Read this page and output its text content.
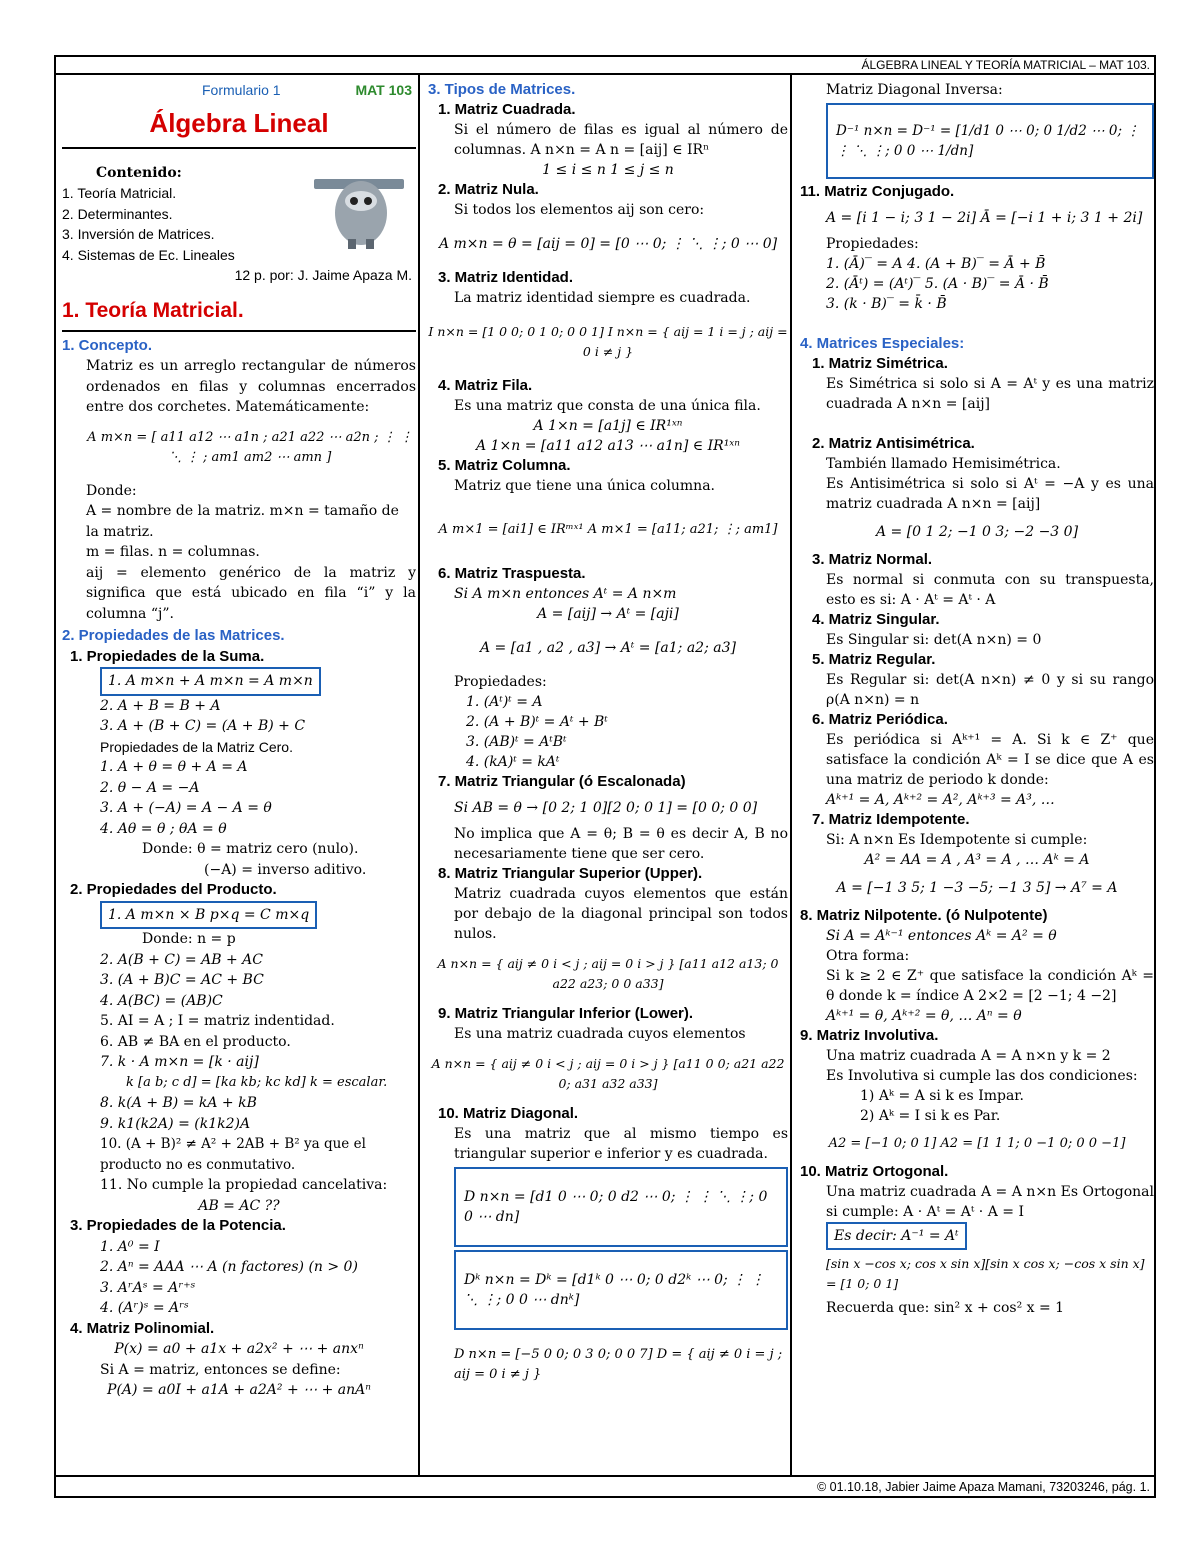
ÁLGEBRA LINEAL Y TEORÍA MATRICIAL – MAT 103.
Formulario 1	MAT 103
Álgebra Lineal
Contenido:
1. Teoría Matricial.
2. Determinantes.
3. Inversión de Matrices.
4. Sistemas de Ec. Lineales
12 p. por: J. Jaime Apaza M.
1. Teoría Matricial.
1. Concepto.
Matriz es un arreglo rectangular de números ordenados en filas y columnas encerrados entre dos corchetes. Matemáticamente:
A m×n = [ a11 a12 ⋯ a1n ; a21 a22 ⋯ a2n ; ⋮ ⋮ ⋱ ⋮ ; am1 am2 ⋯ amn ]
Donde:
A = nombre de la matriz. m×n = tamaño de la matriz.
m = filas. n = columnas.
aij = elemento genérico de la matriz y significa que está ubicado en fila “i” y la columna “j”.
2. Propiedades de las Matrices.
1. Propiedades de la Suma.
1. A m×n + A m×n = A m×n
2. A + B = B + A
3. A + (B + C) = (A + B) + C
Propiedades de la Matriz Cero.
1. A + θ = θ + A = A
2. θ − A = −A
3. A + (−A) = A − A = θ
4. Aθ = θ ; θA = θ
Donde: θ = matriz cero (nulo).
(−A) = inverso aditivo.
2. Propiedades del Producto.
1. A m×n × B p×q = C m×q
Donde: n = p
2. A(B + C) = AB + AC
3. (A + B)C = AC + BC
4. A(BC) = (AB)C
5. AI = A ; I = matriz indentidad.
6. AB ≠ BA en el producto.
7. k · A m×n = [k · aij]
k [a b; c d] = [ka kb; kc kd] k = escalar.
8. k(A + B) = kA + kB
9. k1(k2A) = (k1k2)A
10. (A + B)² ≠ A² + 2AB + B² ya que el producto no es conmutativo.
11. No cumple la propiedad cancelativa:
AB = AC ??
3. Propiedades de la Potencia.
1. A⁰ = I
2. Aⁿ = AAA ⋯ A (n factores) (n > 0)
3. AʳAˢ = Aʳ⁺ˢ
4. (Aʳ)ˢ = Aʳˢ
4. Matriz Polinomial.
P(x) = a0 + a1x + a2x² + ⋯ + anxⁿ
Si A = matriz, entonces se define:
P(A) = a0I + a1A + a2A² + ⋯ + anAⁿ
3. Tipos de Matrices.
1. Matriz Cuadrada.
Si el número de filas es igual al número de columnas. A n×n = A n = [aij] ∈ IRⁿ
1 ≤ i ≤ n 1 ≤ j ≤ n
2. Matriz Nula.
Si todos los elementos aij son cero:
A m×n = θ = [aij = 0] = [0 ⋯ 0; ⋮ ⋱ ⋮; 0 ⋯ 0]
3. Matriz Identidad.
La matriz identidad siempre es cuadrada.
I n×n = [1 0 0; 0 1 0; 0 0 1] I n×n = { aij = 1 i = j ; aij = 0 i ≠ j }
4. Matriz Fila.
Es una matriz que consta de una única fila.
A 1×n = [a1j] ∈ IR¹ˣⁿ
A 1×n = [a11 a12 a13 ⋯ a1n] ∈ IR¹ˣⁿ
5. Matriz Columna.
Matriz que tiene una única columna.
A m×1 = [ai1] ∈ IRᵐˣ¹ A m×1 = [a11; a21; ⋮; am1]
6. Matriz Traspuesta.
Si A m×n entonces Aᵗ = A n×m
A = [aij] → Aᵗ = [aji]
A = [a1 , a2 , a3] → Aᵗ = [a1; a2; a3]
Propiedades:
1. (Aᵗ)ᵗ = A
2. (A + B)ᵗ = Aᵗ + Bᵗ
3. (AB)ᵗ = AᵗBᵗ
4. (kA)ᵗ = kAᵗ
7. Matriz Triangular (ó Escalonada)
Si AB = θ → [0 2; 1 0][2 0; 0 1] = [0 0; 0 0]
No implica que A = θ; B = θ es decir A, B no necesariamente tiene que ser cero.
8. Matriz Triangular Superior (Upper).
Matriz cuadrada cuyos elementos que están por debajo de la diagonal principal son todos nulos.
A n×n = { aij ≠ 0 i < j ; aij = 0 i > j } [a11 a12 a13; 0 a22 a23; 0 0 a33]
9. Matriz Triangular Inferior (Lower).
Es una matriz cuadrada cuyos elementos
A n×n = { aij ≠ 0 i < j ; aij = 0 i > j } [a11 0 0; a21 a22 0; a31 a32 a33]
10. Matriz Diagonal.
Es una matriz que al mismo tiempo es triangular superior e inferior y es cuadrada.
D n×n = [d1 0 ⋯ 0; 0 d2 ⋯ 0; ⋮ ⋮ ⋱ ⋮; 0 0 ⋯ dn]
Dᵏ n×n = Dᵏ = [d1ᵏ 0 ⋯ 0; 0 d2ᵏ ⋯ 0; ⋮ ⋮ ⋱ ⋮; 0 0 ⋯ dnᵏ]
D n×n = [−5 0 0; 0 3 0; 0 0 7] D = { aij ≠ 0 i = j ; aij = 0 i ≠ j }
Matriz Diagonal Inversa:
D⁻¹ n×n = D⁻¹ = [1/d1 0 ⋯ 0; 0 1/d2 ⋯ 0; ⋮ ⋮ ⋱ ⋮; 0 0 ⋯ 1/dn]
11. Matriz Conjugado.
A = [i 1 − i; 3 1 − 2i] Ā = [−i 1 + i; 3 1 + 2i]
Propiedades:
1. (Ā)‾ = A 4. (A + B)‾ = Ā + B̄
2. (Āᵗ) = (Aᵗ)‾ 5. (A · B)‾ = Ā · B̄
3. (k · B)‾ = k̄ · B̄
4. Matrices Especiales:
1. Matriz Simétrica.
Es Simétrica si solo si A = Aᵗ y es una matriz cuadrada A n×n = [aij]
2. Matriz Antisimétrica.
También llamado Hemisimétrica.
Es Antisimétrica si solo si Aᵗ = −A y es una matriz cuadrada A n×n = [aij]
A = [0 1 2; −1 0 3; −2 −3 0]
3. Matriz Normal.
Es normal si conmuta con su transpuesta, esto es si: A · Aᵗ = Aᵗ · A
4. Matriz Singular.
Es Singular si: det(A n×n) = 0
5. Matriz Regular.
Es Regular si: det(A n×n) ≠ 0 y si su rango ρ(A n×n) = n
6. Matriz Periódica.
Es periódica si Aᵏ⁺¹ = A. Si k ∈ Z⁺ que satisface la condición Aᵏ = I se dice que A es una matriz de periodo k donde:
Aᵏ⁺¹ = A, Aᵏ⁺² = A², Aᵏ⁺³ = A³, …
7. Matriz Idempotente.
Si: A n×n Es Idempotente si cumple:
A² = AA = A , A³ = A , … Aᵏ = A
A = [−1 3 5; 1 −3 −5; −1 3 5] → A⁷ = A
8. Matriz Nilpotente. (ó Nulpotente)
Si A = Aᵏ⁻¹ entonces Aᵏ = A² = θ
Otra forma:
Si k ≥ 2 ∈ Z⁺ que satisface la condición Aᵏ = θ donde k = índice A 2×2 = [2 −1; 4 −2]
Aᵏ⁺¹ = θ, Aᵏ⁺² = θ, … Aⁿ = θ
9. Matriz Involutiva.
Una matriz cuadrada A = A n×n y k = 2
Es Involutiva si cumple las dos condiciones:
1) Aᵏ = A si k es Impar.
2) Aᵏ = I si k es Par.
A2 = [−1 0; 0 1] A2 = [1 1 1; 0 −1 0; 0 0 −1]
10. Matriz Ortogonal.
Una matriz cuadrada A = A n×n Es Ortogonal si cumple: A · Aᵗ = Aᵗ · A = I
Es decir: A⁻¹ = Aᵗ
[sin x −cos x; cos x sin x][sin x cos x; −cos x sin x] = [1 0; 0 1]
Recuerda que: sin² x + cos² x = 1
© 01.10.18, Jabier Jaime Apaza Mamani, 73203246, pág. 1.
